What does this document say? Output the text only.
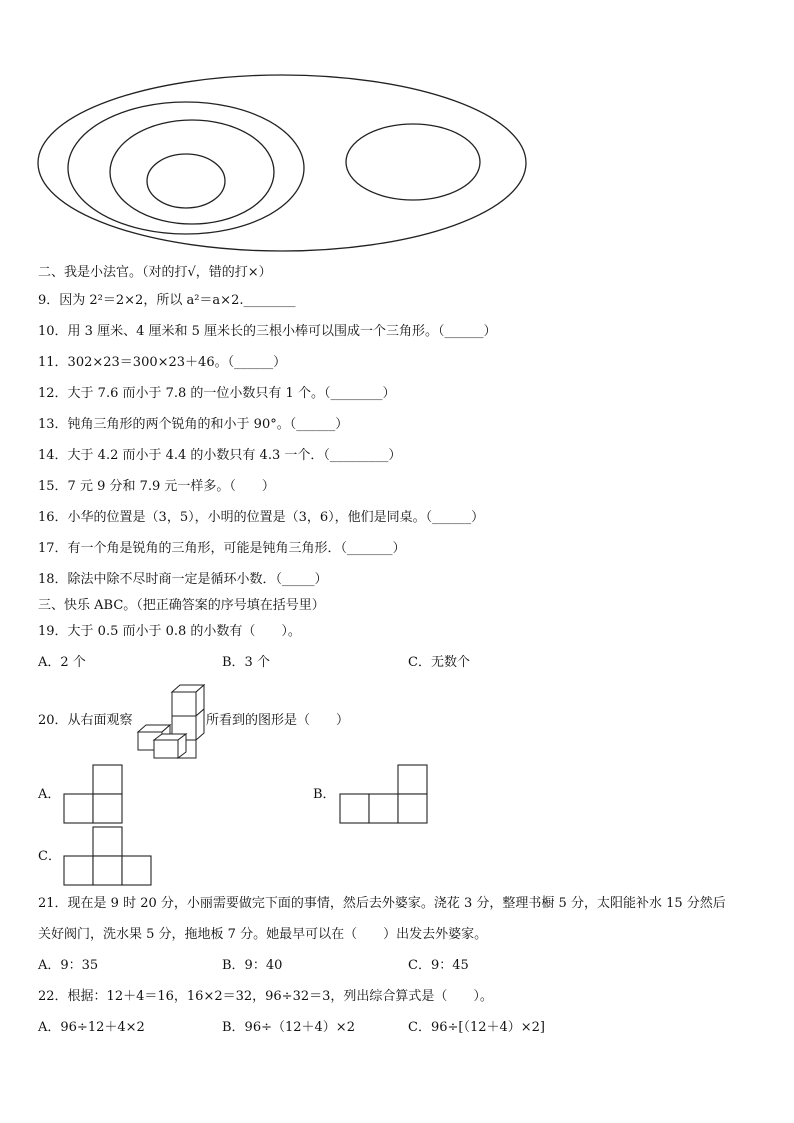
二、我是小法官。（对的打√，错的打×）
9．因为 2²＝2×2，所以 a²＝a×2.________
10．用 3 厘米、4 厘米和 5 厘米长的三根小棒可以围成一个三角形。（______）
11．302×23＝300×23＋46。（______）
12．大于 7.6 而小于 7.8 的一位小数只有 1 个。（________）
13．钝角三角形的两个锐角的和小于 90°。（______）
14．大于 4.2 而小于 4.4 的小数只有 4.3 一个．（_________）
15．7 元 9 分和 7.9 元一样多。（　　）
16．小华的位置是（3，5），小明的位置是（3，6），他们是同桌。（______）
17．有一个角是锐角的三角形，可能是钝角三角形．（_______）
18．除法中除不尽时商一定是循环小数．（_____）
三、快乐 ABC。（把正确答案的序号填在括号里）
19．大于 0.5 而小于 0.8 的小数有（　　）。
A．2 个	B．3 个	C．无数个
20．从右面观察	所看到的图形是（　　）
A．	B．
C．
21．现在是 9 时 20 分，小丽需要做完下面的事情，然后去外婆家。浇花 3 分，整理书橱 5 分，太阳能补水 15 分然后
关好阀门，洗水果 5 分，拖地板 7 分。她最早可以在（　　）出发去外婆家。
A．9：35	B．9：40	C．9：45
22．根据：12＋4＝16，16×2＝32，96÷32＝3，列出综合算式是（　　）。
A．96÷12＋4×2	B．96÷（12＋4）×2	C．96÷[（12＋4）×2]
